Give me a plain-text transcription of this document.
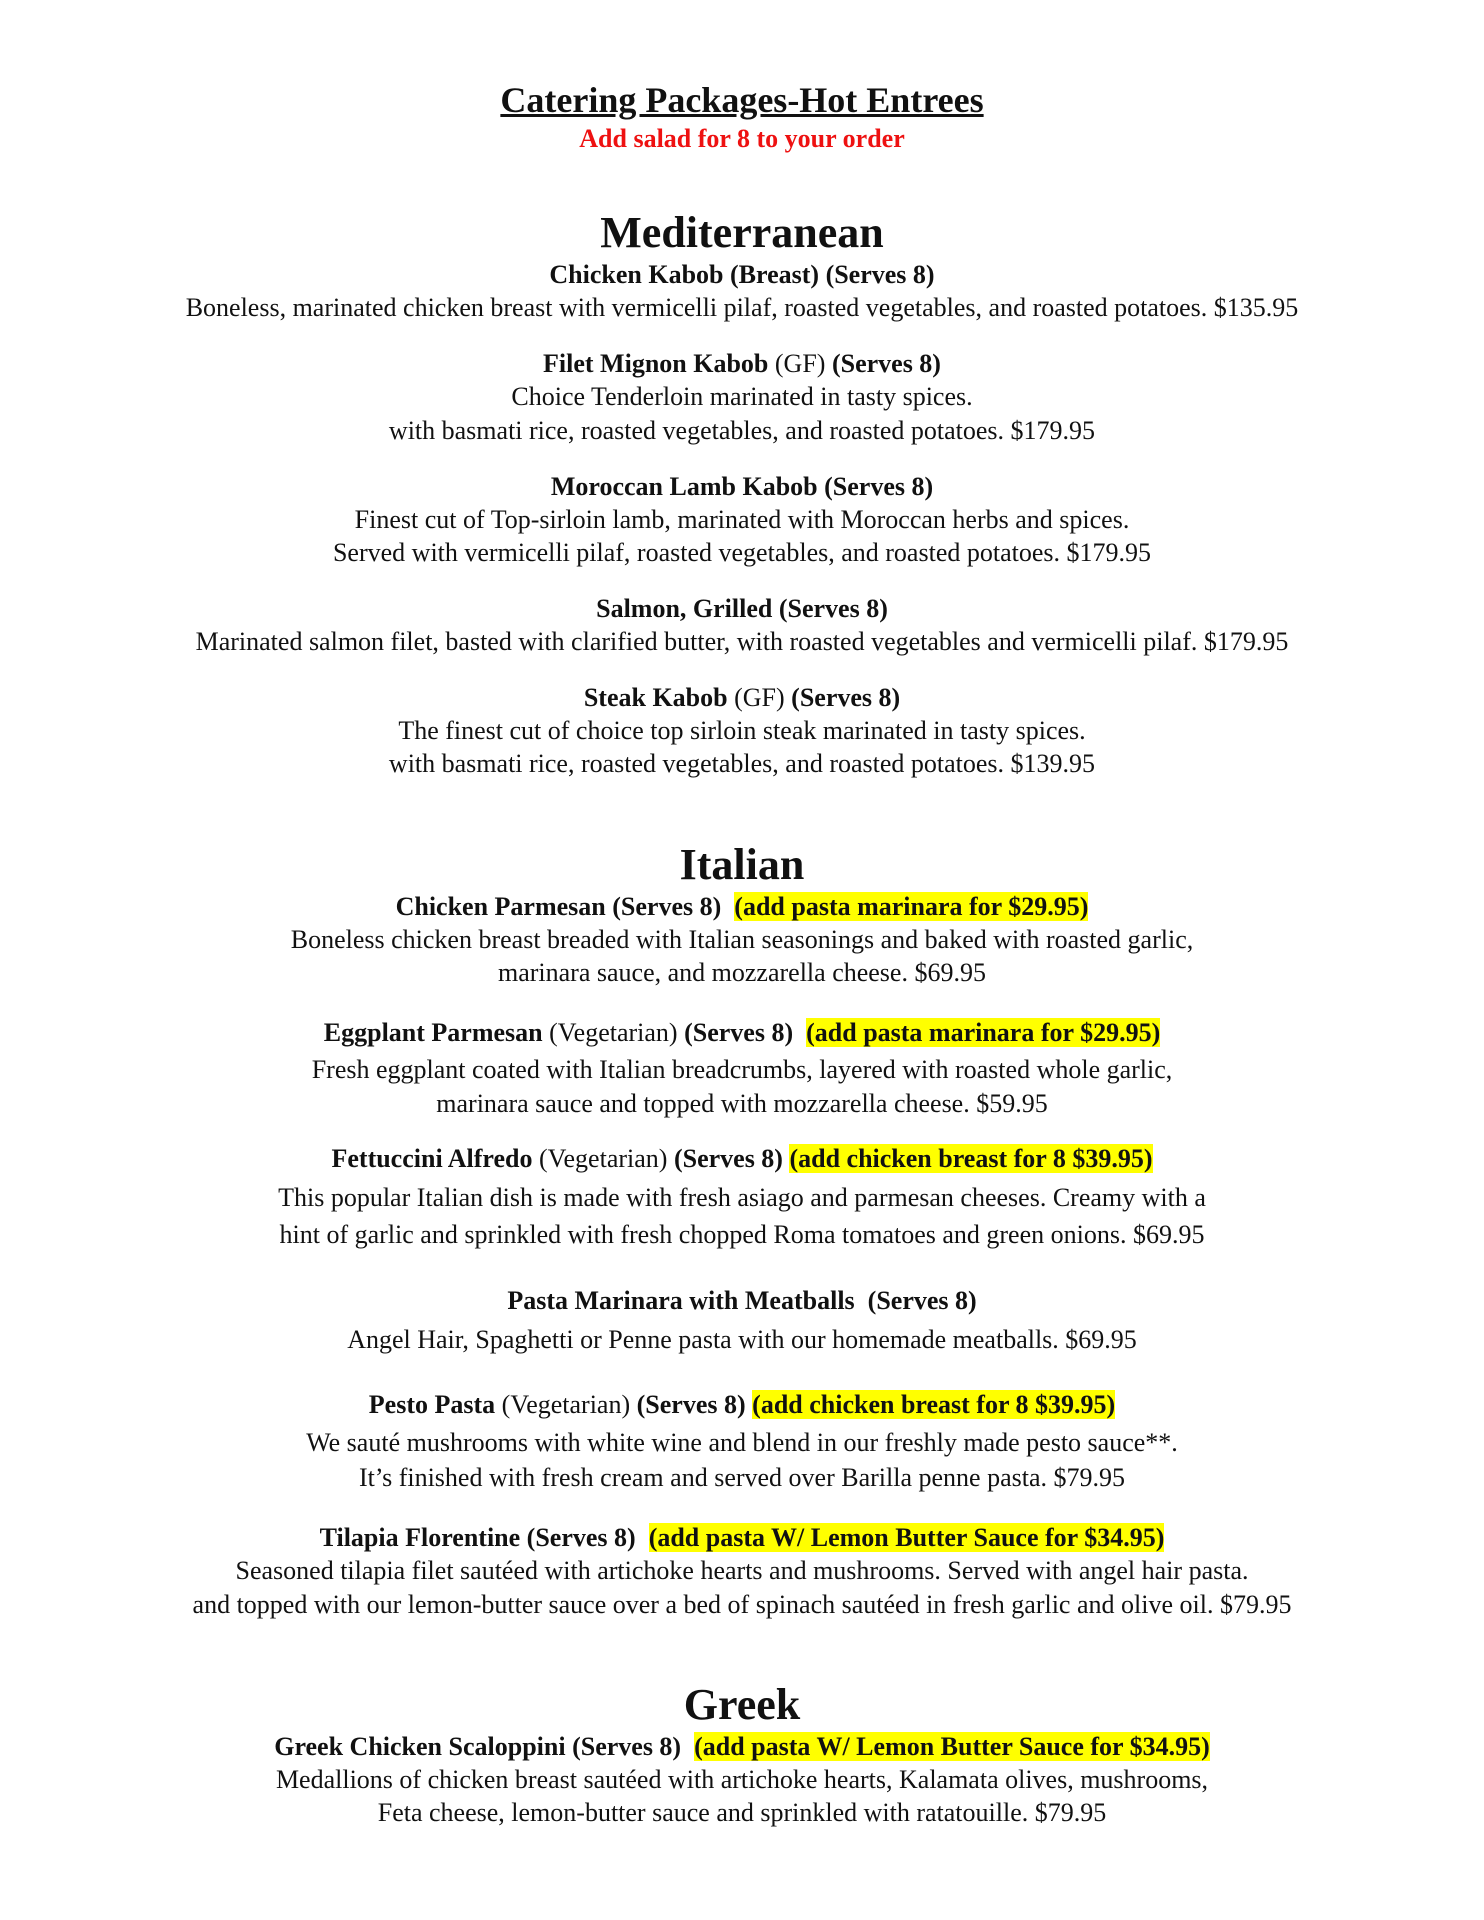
Catering Packages-Hot Entrees
Add salad for 8 to your order
Mediterranean
Chicken Kabob (Breast) (Serves 8)
Boneless, marinated chicken breast with vermicelli pilaf, roasted vegetables, and roasted potatoes. $135.95
Filet Mignon Kabob (GF) (Serves 8)
Choice Tenderloin marinated in tasty spices.
with basmati rice, roasted vegetables, and roasted potatoes. $179.95
Moroccan Lamb Kabob (Serves 8)
Finest cut of Top-sirloin lamb, marinated with Moroccan herbs and spices.
Served with vermicelli pilaf, roasted vegetables, and roasted potatoes. $179.95
Salmon, Grilled (Serves 8)
Marinated salmon filet, basted with clarified butter, with roasted vegetables and vermicelli pilaf. $179.95
Steak Kabob (GF) (Serves 8)
The finest cut of choice top sirloin steak marinated in tasty spices.
with basmati rice, roasted vegetables, and roasted potatoes. $139.95
Italian
Chicken Parmesan (Serves 8) (add pasta marinara for $29.95)
Boneless chicken breast breaded with Italian seasonings and baked with roasted garlic,
marinara sauce, and mozzarella cheese. $69.95
Eggplant Parmesan (Vegetarian) (Serves 8) (add pasta marinara for $29.95)
Fresh eggplant coated with Italian breadcrumbs, layered with roasted whole garlic,
marinara sauce and topped with mozzarella cheese. $59.95
Fettuccini Alfredo (Vegetarian) (Serves 8) (add chicken breast for 8 $39.95)
This popular Italian dish is made with fresh asiago and parmesan cheeses. Creamy with a
hint of garlic and sprinkled with fresh chopped Roma tomatoes and green onions. $69.95
Pasta Marinara with Meatballs (Serves 8)
Angel Hair, Spaghetti or Penne pasta with our homemade meatballs. $69.95
Pesto Pasta (Vegetarian) (Serves 8) (add chicken breast for 8 $39.95)
We sauté mushrooms with white wine and blend in our freshly made pesto sauce**.
It’s finished with fresh cream and served over Barilla penne pasta. $79.95
Tilapia Florentine (Serves 8) (add pasta W/ Lemon Butter Sauce for $34.95)
Seasoned tilapia filet sautéed with artichoke hearts and mushrooms. Served with angel hair pasta.
and topped with our lemon-butter sauce over a bed of spinach sautéed in fresh garlic and olive oil. $79.95
Greek
Greek Chicken Scaloppini (Serves 8) (add pasta W/ Lemon Butter Sauce for $34.95)
Medallions of chicken breast sautéed with artichoke hearts, Kalamata olives, mushrooms,
Feta cheese, lemon-butter sauce and sprinkled with ratatouille. $79.95
